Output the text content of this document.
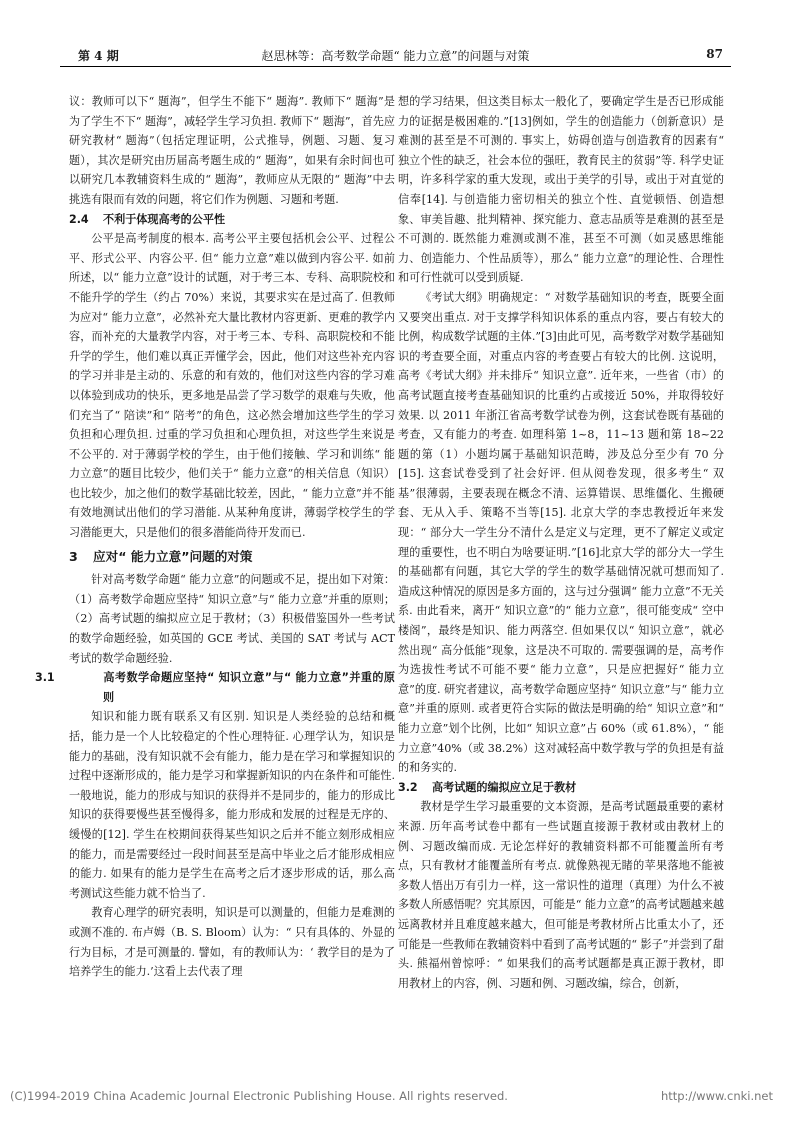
第 4 期	赵思林等：高考数学命题“ 能力立意”的问题与对策	87

议：教师可以下“ 题海”，但学生不能下“ 题海”. 教师下“ 题海”是为了学生不下“ 题海”，减轻学生学习负担. 教师下“ 题海”，首先应研究教材“ 题海”（包括定理证明，公式推导，例题、习题、复习题），其次是研究由历届高考题生成的“ 题海”，如果有余时间也可以研究几本教辅资料生成的“ 题海”，教师应从无限的“ 题海”中去挑选有限而有效的问题，将它们作为例题、习题和考题.

2.4 不利于体现高考的公平性

公平是高考制度的根本. 高考公平主要包括机会公平、过程公平、形式公平、内容公平. 但“ 能力立意”难以做到内容公平. 如前所述，以“ 能力立意”设计的试题，对于考三本、专科、高职院校和不能升学的学生（约占 70%）来说，其要求实在是过高了. 但教师为应对“ 能力立意”，必然补充大量比教材内容更新、更难的教学内容，而补充的大量教学内容，对于考三本、专科、高职院校和不能升学的学生，他们难以真正弄懂学会，因此，他们对这些补充内容的学习并非是主动的、乐意的和有效的，他们对这些内容的学习难以体验到成功的快乐，更多地是品尝了学习数学的艰难与失败，他们充当了“ 陪读”和“ 陪考”的角色，这必然会增加这些学生的学习负担和心理负担. 过重的学习负担和心理负担，对这些学生来说是不公平的. 对于薄弱学校的学生，由于他们接触、学习和训练“ 能力立意”的题目比较少，他们关于“ 能力立意”的相关信息（知识）也比较少，加之他们的数学基础比较差，因此，“ 能力立意”并不能有效地测试出他们的学习潜能. 从某种角度讲，薄弱学校学生的学习潜能更大，只是他们的很多潜能尚待开发而已.

3 应对“ 能力立意”问题的对策

针对高考数学命题“ 能力立意”的问题或不足，提出如下对策：（1）高考数学命题应坚持“ 知识立意”与“ 能力立意”并重的原则；（2）高考试题的编拟应立足于教材；（3）积极借鉴国外一些考试的数学命题经验，如英国的 GCE 考试、美国的 SAT 考试与 ACT 考试的数学命题经验.

3.1	高考数学命题应坚持“ 知识立意”与“ 能力立意”并重的原则

知识和能力既有联系又有区别. 知识是人类经验的总结和概括，能力是一个人比较稳定的个性心理特征. 心理学认为，知识是能力的基础，没有知识就不会有能力，能力是在学习和掌握知识的过程中逐渐形成的，能力是学习和掌握新知识的内在条件和可能性. 一般地说，能力的形成与知识的获得并不是同步的，能力的形成比知识的获得要慢些甚至慢得多，能力形成和发展的过程是无序的、缓慢的[12]. 学生在校期间获得某些知识之后并不能立刻形成相应的能力，而是需要经过一段时间甚至是高中毕业之后才能形成相应的能力. 如果有的能力是学生在高考之后才逐步形成的话，那么高考测试这些能力就不恰当了.

教育心理学的研究表明，知识是可以测量的，但能力是难测的或测不准的. 布卢姆（B. S. Bloom）认为：“ 只有具体的、外显的行为目标，才是可测量的. 譬如，有的教师认为：‘ 教学目的是为了培养学生的能力.’这看上去代表了理

想的学习结果，但这类目标太一般化了，要确定学生是否已形成能力的证据是极困难的.”[13]例如，学生的创造能力（创新意识）是难测的甚至是不可测的. 事实上，妨碍创造与创造教育的因素有“ 独立个性的缺乏，社会本位的强旺，教育民主的贫弱”等. 科学史证明，许多科学家的重大发现，或出于美学的引导，或出于对直觉的信奉[14]. 与创造能力密切相关的独立个性、直觉顿悟、创造想象、审美旨趣、批判精神、探究能力、意志品质等是难测的甚至是不可测的. 既然能力难测或测不准，甚至不可测（如灵感思维能力、创造能力、个性品质等），那么“ 能力立意”的理论性、合理性和可行性就可以受到质疑.

《考试大纲》明确规定：“ 对数学基础知识的考查，既要全面又要突出重点. 对于支撑学科知识体系的重点内容，要占有较大的比例，构成数学试题的主体.”[3]由此可见，高考数学对数学基础知识的考查要全面，对重点内容的考查要占有较大的比例. 这说明，高考《考试大纲》并未排斥“ 知识立意”. 近年来，一些省（市）的高考试题直接考查基础知识的比重约占或接近 50%，并取得较好效果. 以 2011 年浙江省高考数学试卷为例，这套试卷既有基础的考查，又有能力的考查. 如理科第 1~8，11~13 题和第 18~22 题的第（1）小题均属于基础知识范畴，涉及总分至少有 70 分[15]. 这套试卷受到了社会好评. 但从阅卷发现，很多考生“ 双基”很薄弱，主要表现在概念不清、运算错误、思维僵化、生搬硬套、无从入手、策略不当等[15]. 北京大学的李忠教授近年来发现：“ 部分大一学生分不清什么是定义与定理，更不了解定义或定理的重要性，也不明白为啥要证明.”[16]北京大学的部分大一学生的基础都有问题，其它大学的学生的数学基础情况就可想而知了. 造成这种情况的原因是多方面的，这与过分强调“ 能力立意”不无关系. 由此看来，离开“ 知识立意”的“ 能力立意”，很可能变成“ 空中楼阁”，最终是知识、能力两落空. 但如果仅以“ 知识立意”，就必然出现“ 高分低能”现象，这是决不可取的. 需要强调的是，高考作为选拔性考试不可能不要“ 能力立意”，只是应把握好“ 能力立意”的度. 研究者建议，高考数学命题应坚持“ 知识立意”与“ 能力立意”并重的原则. 或者更符合实际的做法是明确的给“ 知识立意”和“ 能力立意”划个比例，比如“ 知识立意”占 60%（或 61.8%），“ 能力立意”40%（或 38.2%）这对减轻高中数学教与学的负担是有益的和务实的.

3.2 高考试题的编拟应立足于教材

教材是学生学习最重要的文本资源，是高考试题最重要的素材来源. 历年高考试卷中都有一些试题直接源于教材或由教材上的例、习题改编而成. 无论怎样好的教辅资料都不可能覆盖所有考点，只有教材才能覆盖所有考点. 就像熟视无睹的苹果落地不能被多数人悟出万有引力一样，这一常识性的道理（真理）为什么不被多数人所感悟呢？究其原因，可能是“ 能力立意”的高考试题越来越远离教材并且难度越来越大，但可能是考教材所占比重太小了，还可能是一些教师在教辅资料中看到了高考试题的“ 影子”并尝到了甜头. 熊福州曾惊呼：“ 如果我们的高考试题都是真正源于教材，即用教材上的内容，例、习题和例、习题改编，综合，创新，

(C)1994-2019 China Academic Journal Electronic Publishing House. All rights reserved.	http://www.cnki.net
